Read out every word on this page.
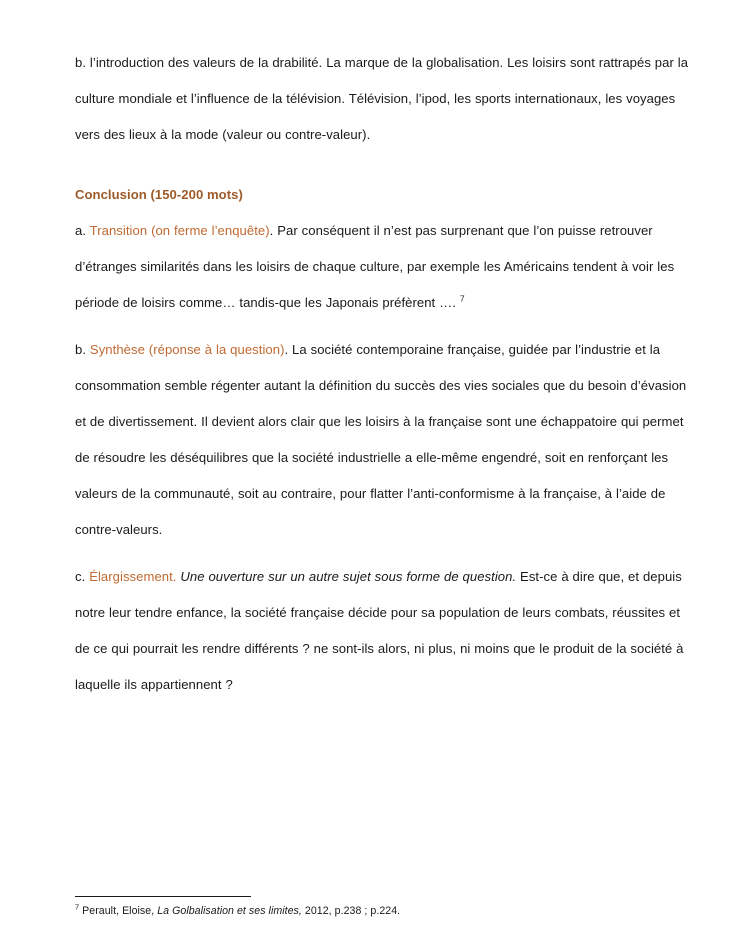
b. l’introduction des valeurs de la drabilité. La marque de la globalisation. Les loisirs sont rattrapés par la culture mondiale et l’influence de la télévision. Télévision, l’ipod, les sports internationaux, les voyages vers des lieux à la mode (valeur ou contre-valeur).

Conclusion (150-200 mots)

a. Transition (on ferme l’enquête). Par conséquent il n’est pas surprenant que l’on puisse retrouver d’étranges similarités dans les loisirs de chaque culture, par exemple les Américains tendent à voir les période de loisirs comme… tandis-que les Japonais préfèrent …. $^7$

b. Synthèse (réponse à la question). La société contemporaine française, guidée par l’industrie et la consommation semble régenter autant la définition du succès des vies sociales que du besoin d’évasion et de divertissement. Il devient alors clair que les loisirs à la française sont une échappatoire qui permet de résoudre les déséquilibres que la société industrielle a elle-même engendré, soit en renforçant les valeurs de la communauté, soit au contraire, pour flatter l’anti-conformisme à la française, à l’aide de contre-valeurs.

c. Élargissement. Une ouverture sur un autre sujet sous forme de question. Est-ce à dire que, et depuis notre leur tendre enfance, la société française décide pour sa population de leurs combats, réussites et de ce qui pourrait les rendre différents ? ne sont-ils alors, ni plus, ni moins que le produit de la société à laquelle ils appartiennent ?

$^7$ Perault, Eloise, La Golbalisation et ses limites, 2012, p.238 ; p.224.
